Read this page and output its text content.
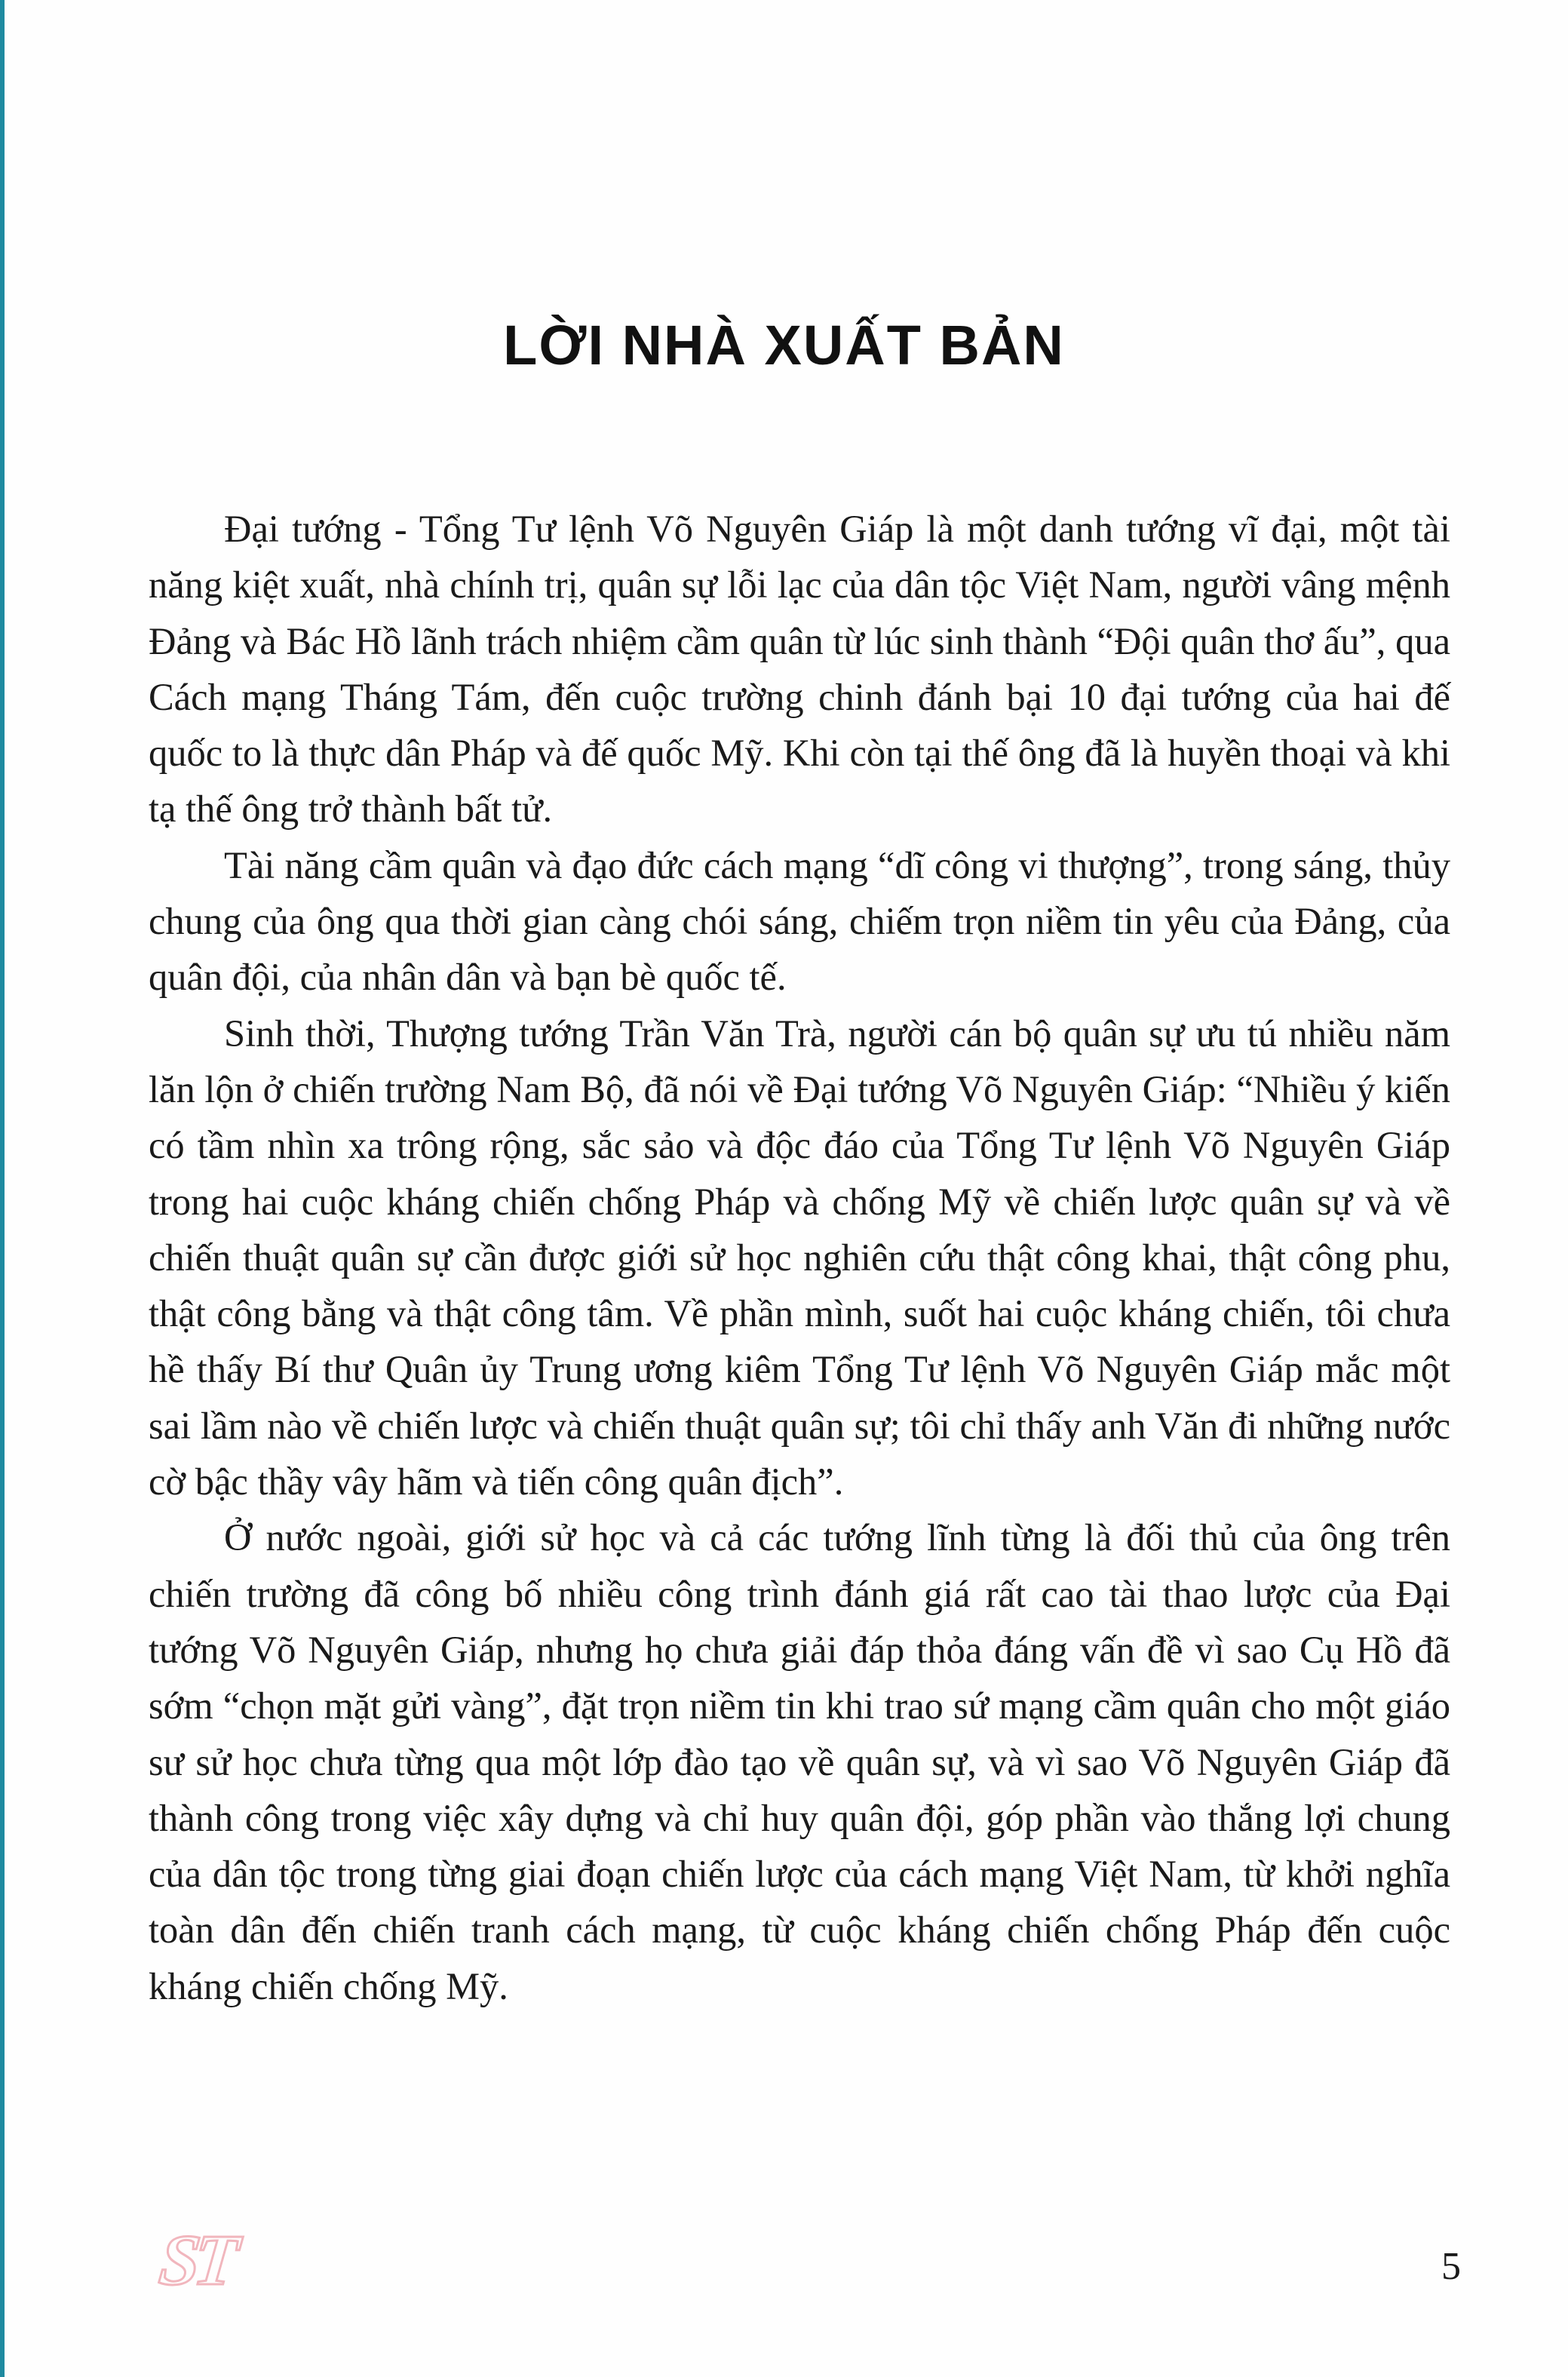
LỜI NHÀ XUẤT BẢN

Đại tướng - Tổng Tư lệnh Võ Nguyên Giáp là một danh tướng vĩ đại, một tài năng kiệt xuất, nhà chính trị, quân sự lỗi lạc của dân tộc Việt Nam, người vâng mệnh Đảng và Bác Hồ lãnh trách nhiệm cầm quân từ lúc sinh thành “Đội quân thơ ấu”, qua Cách mạng Tháng Tám, đến cuộc trường chinh đánh bại 10 đại tướng của hai đế quốc to là thực dân Pháp và đế quốc Mỹ. Khi còn tại thế ông đã là huyền thoại và khi tạ thế ông trở thành bất tử.

Tài năng cầm quân và đạo đức cách mạng “dĩ công vi thượng”, trong sáng, thủy chung của ông qua thời gian càng chói sáng, chiếm trọn niềm tin yêu của Đảng, của quân đội, của nhân dân và bạn bè quốc tế.

Sinh thời, Thượng tướng Trần Văn Trà, người cán bộ quân sự ưu tú nhiều năm lăn lộn ở chiến trường Nam Bộ, đã nói về Đại tướng Võ Nguyên Giáp: “Nhiều ý kiến có tầm nhìn xa trông rộng, sắc sảo và độc đáo của Tổng Tư lệnh Võ Nguyên Giáp trong hai cuộc kháng chiến chống Pháp và chống Mỹ về chiến lược quân sự và về chiến thuật quân sự cần được giới sử học nghiên cứu thật công khai, thật công phu, thật công bằng và thật công tâm. Về phần mình, suốt hai cuộc kháng chiến, tôi chưa hề thấy Bí thư Quân ủy Trung ương kiêm Tổng Tư lệnh Võ Nguyên Giáp mắc một sai lầm nào về chiến lược và chiến thuật quân sự; tôi chỉ thấy anh Văn đi những nước cờ bậc thầy vây hãm và tiến công quân địch”.

Ở nước ngoài, giới sử học và cả các tướng lĩnh từng là đối thủ của ông trên chiến trường đã công bố nhiều công trình đánh giá rất cao tài thao lược của Đại tướng Võ Nguyên Giáp, nhưng họ chưa giải đáp thỏa đáng vấn đề vì sao Cụ Hồ đã sớm “chọn mặt gửi vàng”, đặt trọn niềm tin khi trao sứ mạng cầm quân cho một giáo sư sử học chưa từng qua một lớp đào tạo về quân sự, và vì sao Võ Nguyên Giáp đã thành công trong việc xây dựng và chỉ huy quân đội, góp phần vào thắng lợi chung của dân tộc trong từng giai đoạn chiến lược của cách mạng Việt Nam, từ khởi nghĩa toàn dân đến chiến tranh cách mạng, từ cuộc kháng chiến chống Pháp đến cuộc kháng chiến chống Mỹ.

ST	5
